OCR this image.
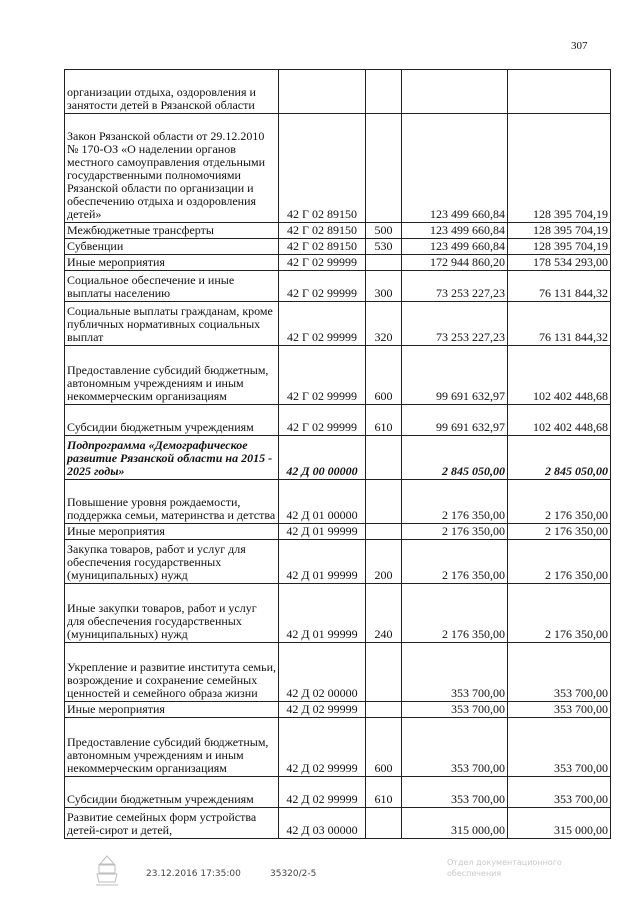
307
организации отдыха, оздоровления и занятости детей в Рязанской области				
Закон Рязанской области от 29.12.2010 № 170-ОЗ «О наделении органов местного самоуправления отдельными государственными полномочиями Рязанской области по организации и обеспечению отдыха и оздоровления детей»	42 Г 02 89150		123 499 660,84	128 395 704,19
Межбюджетные трансферты	42 Г 02 89150	500	123 499 660,84	128 395 704,19
Субвенции	42 Г 02 89150	530	123 499 660,84	128 395 704,19
Иные мероприятия	42 Г 02 99999		172 944 860,20	178 534 293,00
Социальное обеспечение и иные выплаты населению	42 Г 02 99999	300	73 253 227,23	76 131 844,32
Социальные выплаты гражданам, кроме публичных нормативных социальных выплат	42 Г 02 99999	320	73 253 227,23	76 131 844,32
Предоставление субсидий бюджетным, автономным учреждениям и иным некоммерческим организациям	42 Г 02 99999	600	99 691 632,97	102 402 448,68
Субсидии бюджетным учреждениям	42 Г 02 99999	610	99 691 632,97	102 402 448,68
Подпрограмма «Демографическое развитие Рязанской области на 2015 - 2025 годы»	42 Д 00 00000		2 845 050,00	2 845 050,00
Повышение уровня рождаемости, поддержка семьи, материнства и детства	42 Д 01 00000		2 176 350,00	2 176 350,00
Иные мероприятия	42 Д 01 99999		2 176 350,00	2 176 350,00
Закупка товаров, работ и услуг для обеспечения государственных (муниципальных) нужд	42 Д 01 99999	200	2 176 350,00	2 176 350,00
Иные закупки товаров, работ и услуг для обеспечения государственных (муниципальных) нужд	42 Д 01 99999	240	2 176 350,00	2 176 350,00
Укрепление и развитие института семьи, возрождение и сохранение семейных ценностей и семейного образа жизни	42 Д 02 00000		353 700,00	353 700,00
Иные мероприятия	42 Д 02 99999		353 700,00	353 700,00
Предоставление субсидий бюджетным, автономным учреждениям и иным некоммерческим организациям	42 Д 02 99999	600	353 700,00	353 700,00
Субсидии бюджетным учреждениям	42 Д 02 99999	610	353 700,00	353 700,00
Развитие семейных форм устройства детей-сирот и детей,	42 Д 03 00000		315 000,00	315 000,00
23.12.2016 17:35:00	35320/2-5
Отдел документационного обеспечения
